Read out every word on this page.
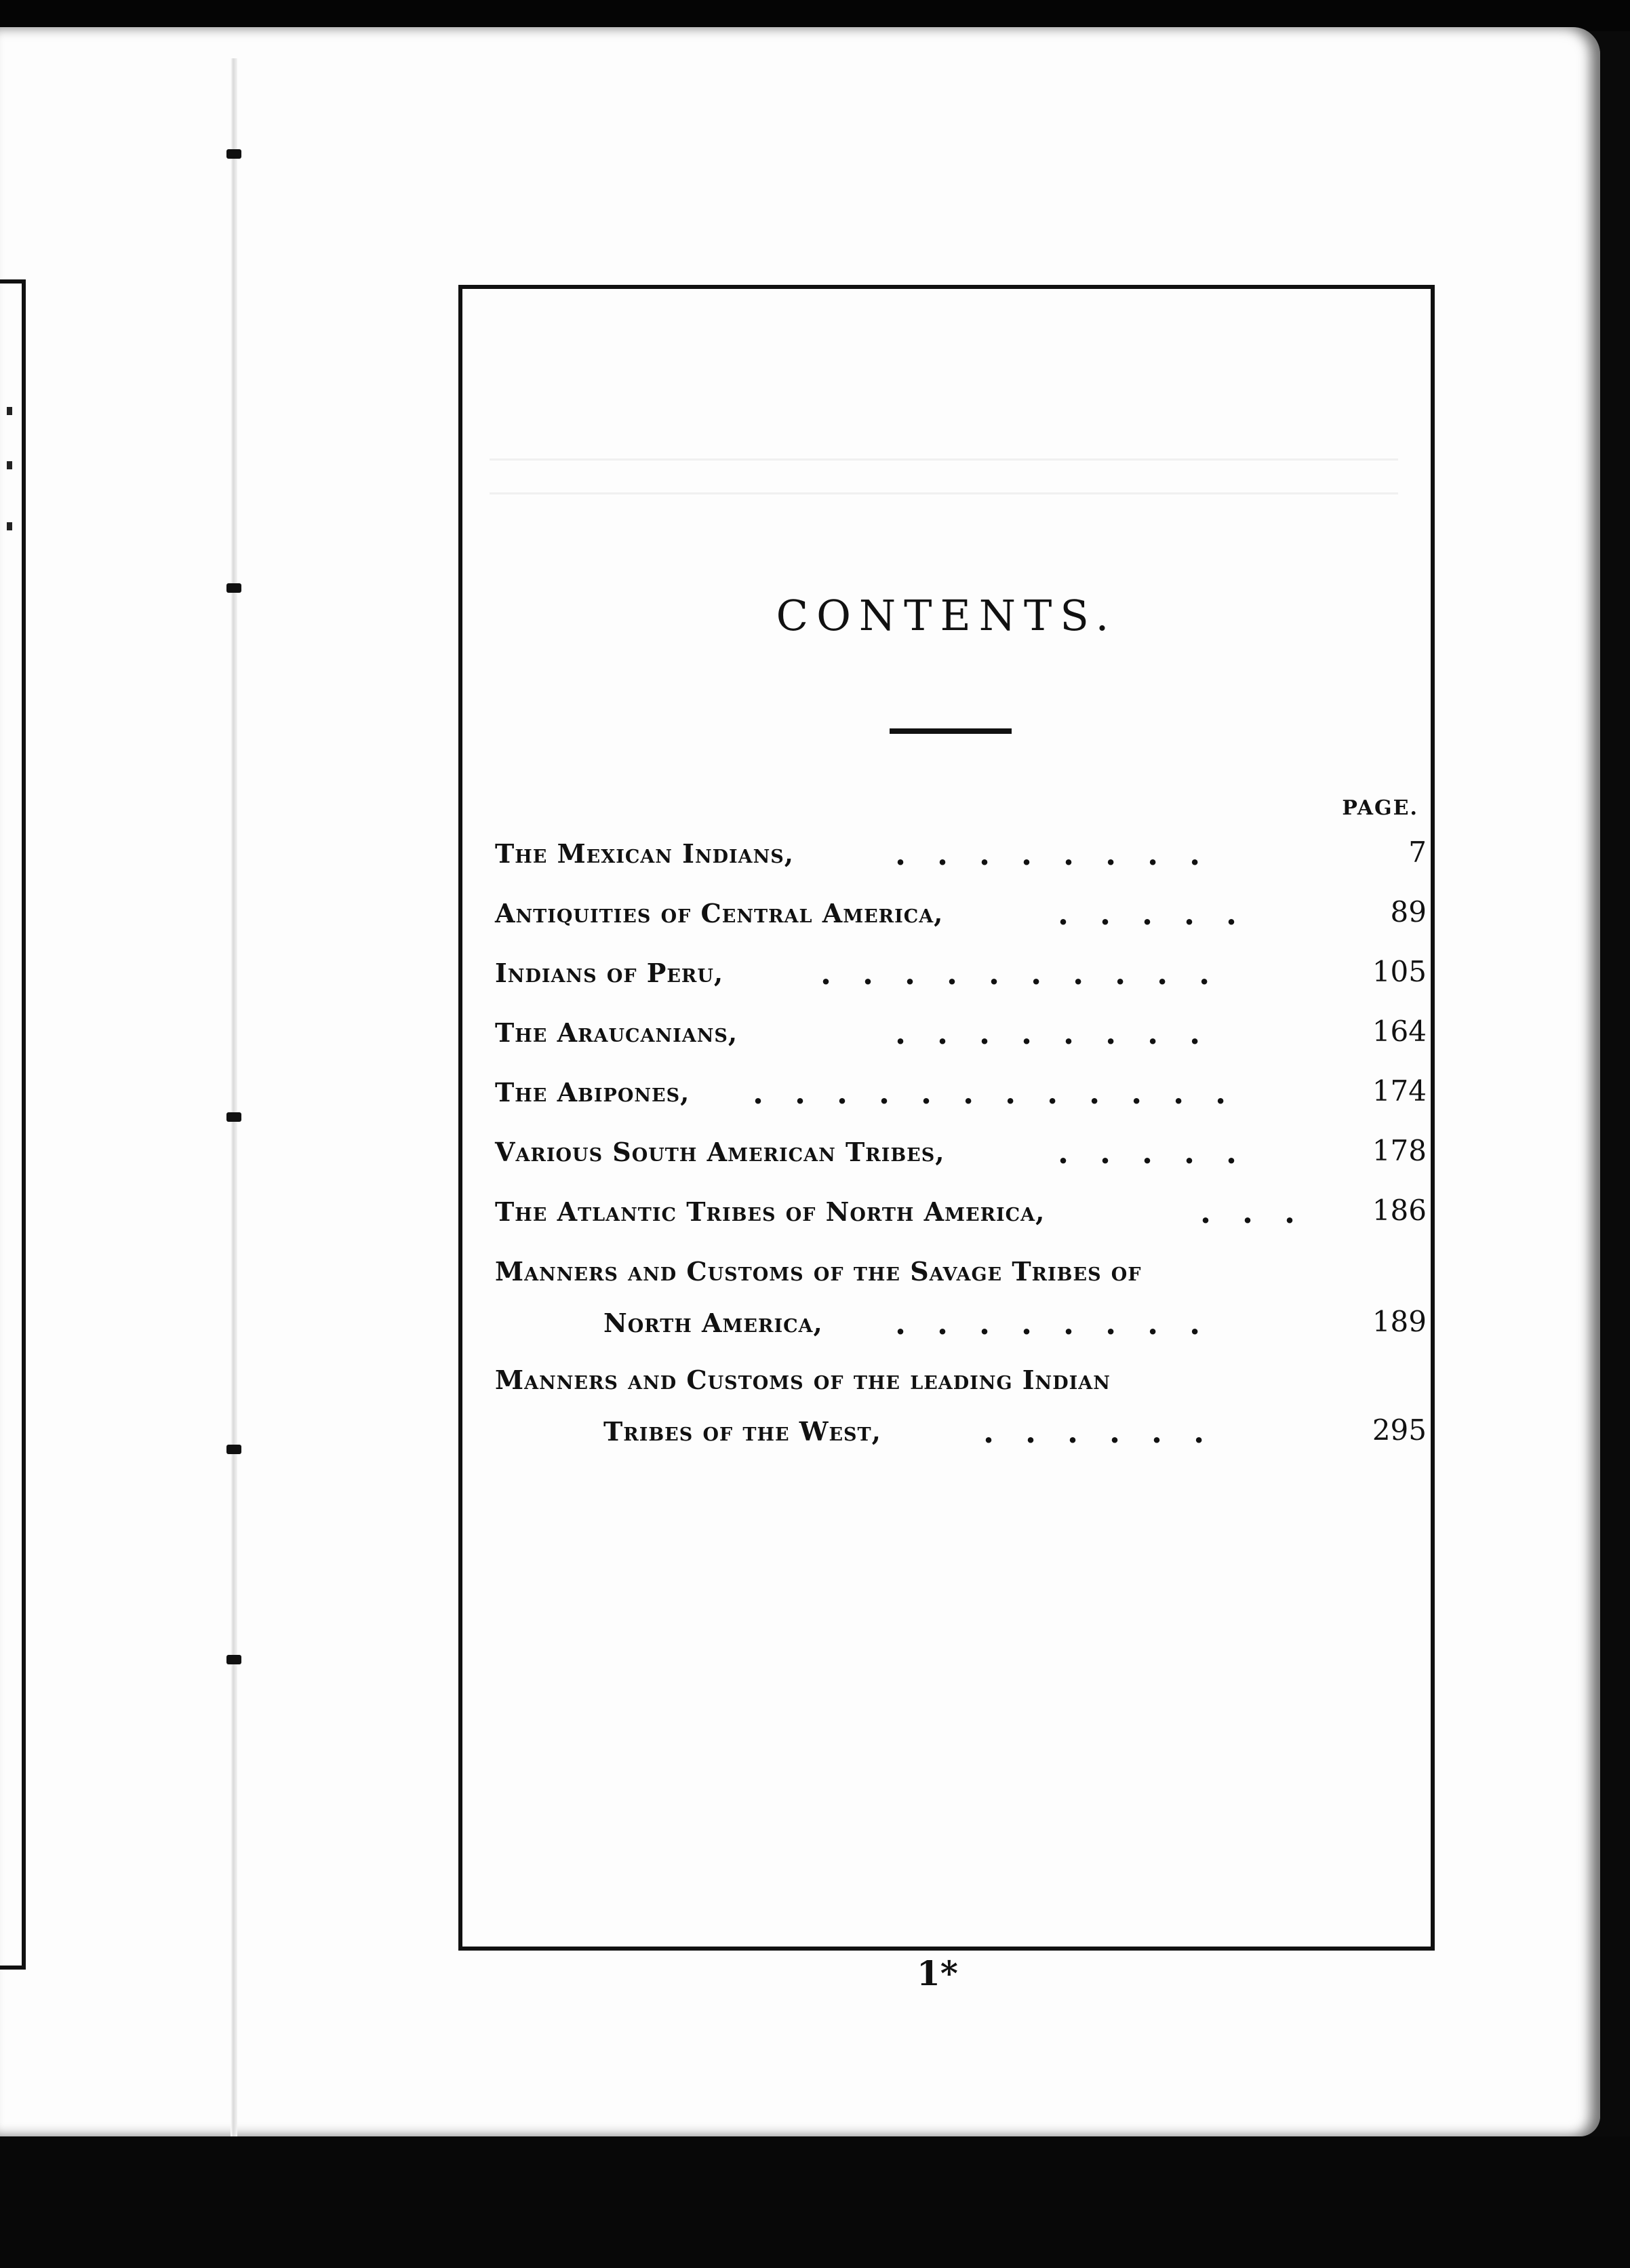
CONTENTS.
PAGE.
The Mexican Indians,	........	7
Antiquities of Central America,	.....	89
Indians of Peru,	..........	105
The Araucanians,	........	164
The Abipones, ............	174
Various South American Tribes,	.....	178
The Atlantic Tribes of North America,	... 186
Manners and Customs of the Savage Tribes of
North America, ........	189
Manners and Customs of the leading Indian
Tribes of the West,	......	295
1*
